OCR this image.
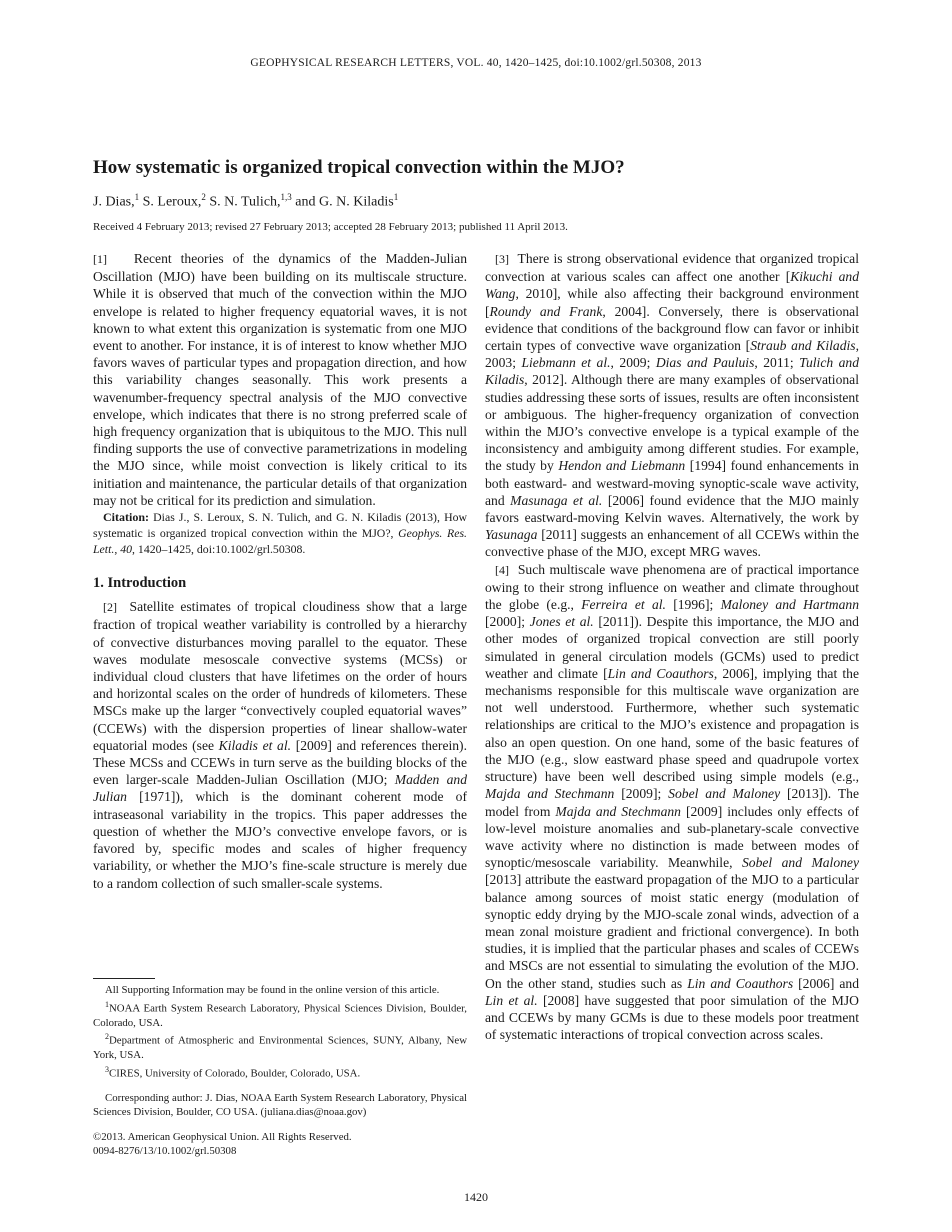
GEOPHYSICAL RESEARCH LETTERS, VOL. 40, 1420–1425, doi:10.1002/grl.50308, 2013
How systematic is organized tropical convection within the MJO?
J. Dias,$^1$ S. Leroux,$^2$ S. N. Tulich,$^{1,3}$ and G. N. Kiladis$^1$
Received 4 February 2013; revised 27 February 2013; accepted 28 February 2013; published 11 April 2013.

[1] Recent theories of the dynamics of the Madden-Julian Oscillation (MJO) have been building on its multiscale structure. While it is observed that much of the convection within the MJO envelope is related to higher frequency equatorial waves, it is not known to what extent this organization is systematic from one MJO event to another. For instance, it is of interest to know whether MJO favors waves of particular types and propagation direction, and how this variability changes seasonally. This work presents a wavenumber-frequency spectral analysis of the MJO convective envelope, which indicates that there is no strong preferred scale of high frequency organization that is ubiquitous to the MJO. This null finding supports the use of convective parametrizations in modeling the MJO since, while moist convection is likely critical to its initiation and maintenance, the particular details of that organization may not be critical for its prediction and simulation.

Citation: Dias J., S. Leroux, S. N. Tulich, and G. N. Kiladis (2013), How systematic is organized tropical convection within the MJO?, Geophys. Res. Lett., 40, 1420–1425, doi:10.1002/grl.50308.

1. Introduction

[2] Satellite estimates of tropical cloudiness show that a large fraction of tropical weather variability is controlled by a hierarchy of convective disturbances moving parallel to the equator. These waves modulate mesoscale convective systems (MCSs) or individual cloud clusters that have lifetimes on the order of hours and horizontal scales on the order of hundreds of kilometers. These MSCs make up the larger “convectively coupled equatorial waves” (CCEWs) with the dispersion properties of linear shallow-water equatorial modes (see Kiladis et al. [2009] and references therein). These MCSs and CCEWs in turn serve as the building blocks of the even larger-scale Madden-Julian Oscillation (MJO; Madden and Julian [1971]), which is the dominant coherent mode of intraseasonal variability in the tropics. This paper addresses the question of whether the MJO’s convective envelope favors, or is favored by, specific modes and scales of higher frequency variability, or whether the MJO’s fine-scale structure is merely due to a random collection of such smaller-scale systems.

All Supporting Information may be found in the online version of this article.

$^1$NOAA Earth System Research Laboratory, Physical Sciences Division, Boulder, Colorado, USA.

$^2$Department of Atmospheric and Environmental Sciences, SUNY, Albany, New York, USA.

$^3$CIRES, University of Colorado, Boulder, Colorado, USA.

Corresponding author: J. Dias, NOAA Earth System Research Laboratory, Physical Sciences Division, Boulder, CO USA. (juliana.dias@noaa.gov)

©2013. American Geophysical Union. All Rights Reserved.

0094-8276/13/10.1002/grl.50308

[3] There is strong observational evidence that organized tropical convection at various scales can affect one another [Kikuchi and Wang, 2010], while also affecting their background environment [Roundy and Frank, 2004]. Conversely, there is observational evidence that conditions of the background flow can favor or inhibit certain types of convective wave organization [Straub and Kiladis, 2003; Liebmann et al., 2009; Dias and Pauluis, 2011; Tulich and Kiladis, 2012]. Although there are many examples of observational studies addressing these sorts of issues, results are often inconsistent or ambiguous. The higher-frequency organization of convection within the MJO’s convective envelope is a typical example of the inconsistency and ambiguity among different studies. For example, the study by Hendon and Liebmann [1994] found enhancements in both eastward- and westward-moving synoptic-scale wave activity, and Masunaga et al. [2006] found evidence that the MJO mainly favors eastward-moving Kelvin waves. Alternatively, the work by Yasunaga [2011] suggests an enhancement of all CCEWs within the convective phase of the MJO, except MRG waves.

[4] Such multiscale wave phenomena are of practical importance owing to their strong influence on weather and climate throughout the globe (e.g., Ferreira et al. [1996]; Maloney and Hartmann [2000]; Jones et al. [2011]). Despite this importance, the MJO and other modes of organized tropical convection are still poorly simulated in general circulation models (GCMs) used to predict weather and climate [Lin and Coauthors, 2006], implying that the mechanisms responsible for this multiscale wave organization are not well understood. Furthermore, whether such systematic relationships are critical to the MJO’s existence and propagation is also an open question. On one hand, some of the basic features of the MJO (e.g., slow eastward phase speed and quadrupole vortex structure) have been well described using simple models (e.g., Majda and Stechmann [2009]; Sobel and Maloney [2013]). The model from Majda and Stechmann [2009] includes only effects of low-level moisture anomalies and sub-planetary-scale convective wave activity where no distinction is made between modes of synoptic/mesoscale variability. Meanwhile, Sobel and Maloney [2013] attribute the eastward propagation of the MJO to a particular balance among sources of moist static energy (modulation of synoptic eddy drying by the MJO-scale zonal winds, advection of a mean zonal moisture gradient and frictional convergence). In both studies, it is implied that the particular phases and scales of CCEWs and MSCs are not essential to simulating the evolution of the MJO. On the other stand, studies such as Lin and Coauthors [2006] and Lin et al. [2008] have suggested that poor simulation of the MJO and CCEWs by many GCMs is due to these models poor treatment of systematic interactions of tropical convection across scales.

1420
